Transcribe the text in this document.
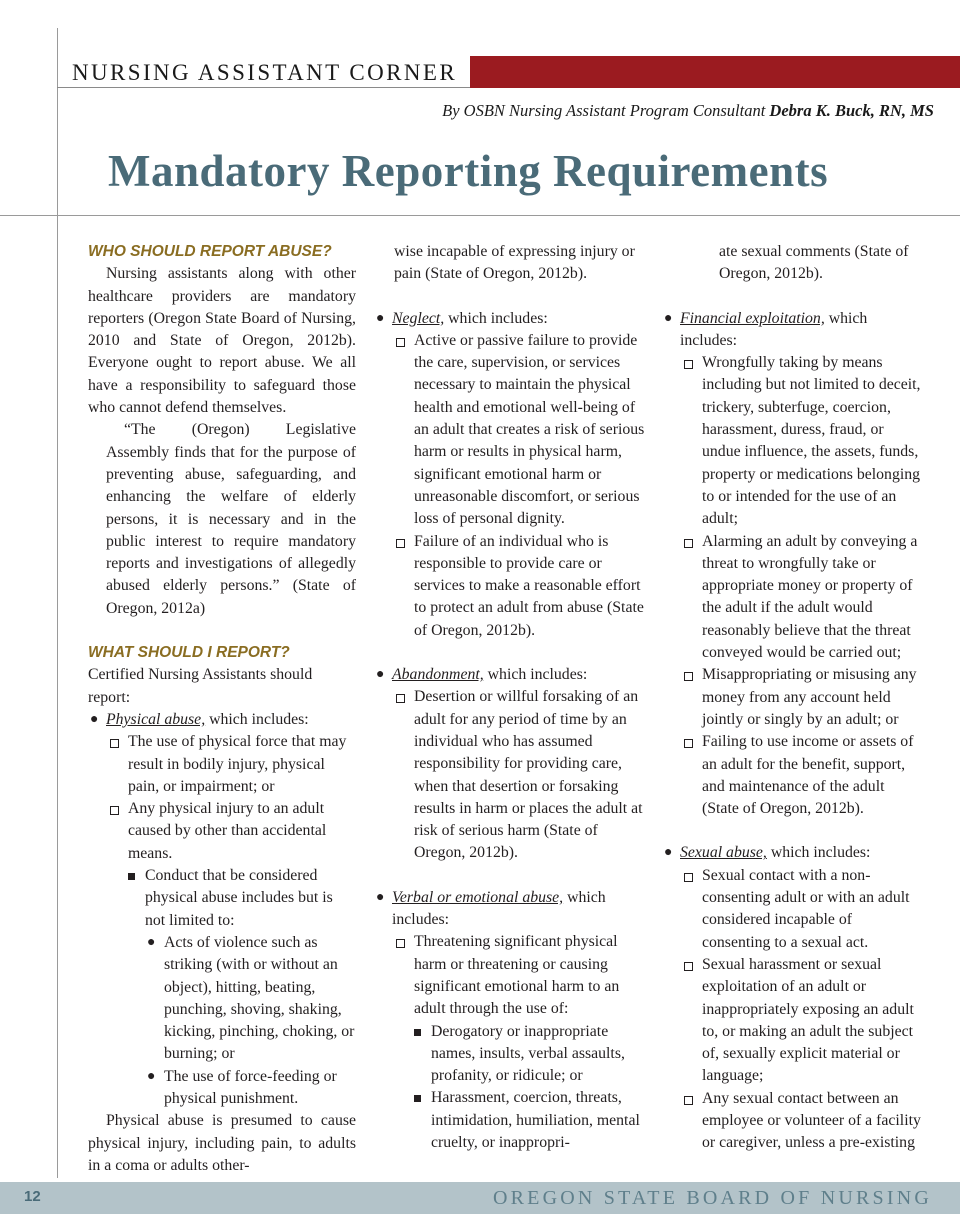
NURSING ASSISTANT CORNER
By OSBN Nursing Assistant Program Consultant Debra K. Buck, RN, MS
Mandatory Reporting Requirements

WHO SHOULD REPORT ABUSE?

Nursing assistants along with other healthcare providers are mandatory reporters (Oregon State Board of Nursing, 2010 and State of Oregon, 2012b). Everyone ought to report abuse. We all have a responsibility to safeguard those who cannot defend themselves.

“The (Oregon) Legislative Assembly finds that for the purpose of preventing abuse, safeguarding, and enhancing the welfare of elderly persons, it is necessary and in the public interest to require mandatory reports and investigations of allegedly abused elderly persons.” (State of Oregon, 2012a)

WHAT SHOULD I REPORT?

Certified Nursing Assistants should report:

● Physical abuse, which includes:
The use of physical force that may result in bodily injury, physical pain, or impairment; or
Any physical injury to an adult caused by other than accidental means.
Conduct that be considered physical abuse includes but is not limited to:
● Acts of violence such as striking (with or without an object), hitting, beating, punching, shoving, shaking, kicking, pinching, choking, or burning; or
● The use of force-feeding or physical punishment.

Physical abuse is presumed to cause physical injury, including pain, to adults in a coma or adults other-

wise incapable of expressing injury or pain (State of Oregon, 2012b).

● Neglect, which includes:
Active or passive failure to provide the care, supervision, or services necessary to maintain the physical health and emotional well-being of an adult that creates a risk of serious harm or results in physical harm, significant emotional harm or unreasonable discomfort, or serious loss of personal dignity.
Failure of an individual who is responsible to provide care or services to make a reasonable effort to protect an adult from abuse (State of Oregon, 2012b).
● Abandonment, which includes:
Desertion or willful forsaking of an adult for any period of time by an individual who has assumed responsibility for providing care, when that desertion or forsaking results in harm or places the adult at risk of serious harm (State of Oregon, 2012b).
● Verbal or emotional abuse, which includes:
Threatening significant physical harm or threatening or causing significant emotional harm to an adult through the use of:
Derogatory or inappropriate names, insults, verbal assaults, profanity, or ridicule; or
Harassment, coercion, threats, intimidation, humiliation, mental cruelty, or inappropri-

ate sexual comments (State of Oregon, 2012b).

● Financial exploitation, which includes:
Wrongfully taking by means including but not limited to deceit, trickery, subterfuge, coercion, harassment, duress, fraud, or undue influence, the assets, funds, property or medications belonging to or intended for the use of an adult;
Alarming an adult by conveying a threat to wrongfully take or appropriate money or property of the adult if the adult would reasonably believe that the threat conveyed would be carried out;
Misappropriating or misusing any money from any account held jointly or singly by an adult; or
Failing to use income or assets of an adult for the benefit, support, and maintenance of the adult (State of Oregon, 2012b).
● Sexual abuse, which includes:
Sexual contact with a non-consenting adult or with an adult considered incapable of consenting to a sexual act.
Sexual harassment or sexual exploitation of an adult or inappropriately exposing an adult to, or making an adult the subject of, sexually explicit material or language;
Any sexual contact between an employee or volunteer of a facility or caregiver, unless a pre-existing
12	OREGON STATE BOARD OF NURSING
